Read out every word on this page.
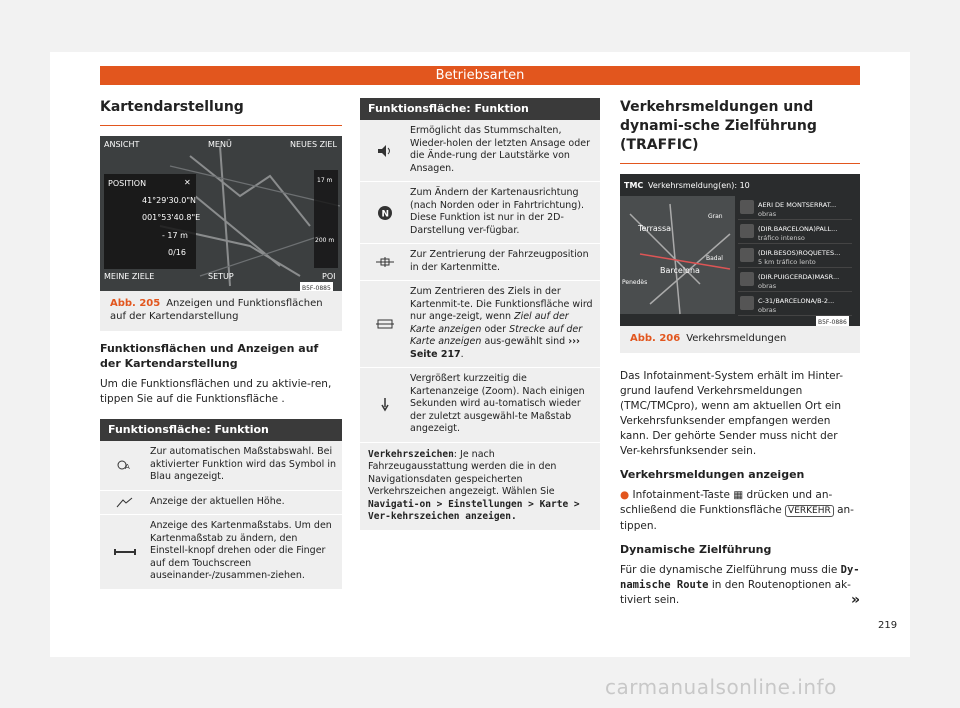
Betriebsarten
Kartendarstellung
ANSICHT	MENÜ	NEUES ZIEL
POSITION	✕
41°29'30.0"N
001°53'40.8"E
- 17 m
0/16
17 m
200 m
MEINE ZIELE	SETUP	POI
B5F-0885
Abb. 205 Anzeigen und Funktionsflächen auf der Kartendarstellung
Funktionsflächen und Anzeigen auf der Kartendarstellung

Um die Funktionsflächen und zu aktivie-ren, tippen Sie auf die Funktionsfläche .

Funktionsfläche: Funktion
A
Zur automatischen Maßstabswahl. Bei aktivierter Funktion wird das Symbol in Blau angezeigt.
Anzeige der aktuellen Höhe.
Anzeige des Kartenmaßstabs. Um den Kartenmaßstab zu ändern, den Einstell-knopf drehen oder die Finger auf dem Touchscreen auseinander-/zusammen-ziehen.
Funktionsfläche: Funktion
Ermöglicht das Stummschalten, Wieder-holen der letzten Ansage oder die Ände-rung der Lautstärke von Ansagen.
N
Zum Ändern der Kartenausrichtung (nach Norden oder in Fahrtrichtung). Diese Funktion ist nur in der 2D-Darstellung ver-fügbar.
Zur Zentrierung der Fahrzeugposition in der Kartenmitte.
Zum Zentrieren des Ziels in der Kartenmit-te. Die Funktionsfläche wird nur ange-zeigt, wenn Ziel auf der Karte anzeigen oder Strecke auf der Karte anzeigen aus-gewählt sind ››› Seite 217.
Vergrößert kurzzeitig die Kartenanzeige (Zoom). Nach einigen Sekunden wird au-tomatisch wieder der zuletzt ausgewähl-te Maßstab angezeigt.
Verkehrszeichen: Je nach Fahrzeugausstattung werden die in den Navigationsdaten gespeicherten Verkehrszeichen angezeigt. Wählen Sie Navigati-on > Einstellungen > Karte > Ver-kehrszeichen anzeigen.
Verkehrsmeldungen und dynami-sche Zielführung (TRAFFIC)
TMC Verkehrsmeldung(en): 10
Terrassa
Barcelona
Penedès
Badal
Gran
AERI DE MONTSERRAT...
obras
(DIR.BARCELONA)PALL...
tráfico intenso
(DIR.BESOS)ROQUETES...
5 km tráfico lento
(DIR.PUIGCERDA)MASR...
obras
C-31/BARCELONA/B-2...
obras
B5F-0886
Abb. 206 Verkehrsmeldungen

Das Infotainment-System erhält im Hinter-grund laufend Verkehrsmeldungen (TMC/TMCpro), wenn am aktuellen Ort ein Verkehrsfunksender empfangen werden kann. Der gehörte Sender muss nicht der Ver-kehrsfunksender sein.

Verkehrsmeldungen anzeigen

● Infotainment-Taste ▦ drücken und an-schließend die Funktionsfläche VERKEHR an-tippen.

Dynamische Zielführung

Für die dynamische Zielführung muss die Dy-namische Route in den Routenoptionen ak-tiviert sein.	»

219
carmanualsonline.info
